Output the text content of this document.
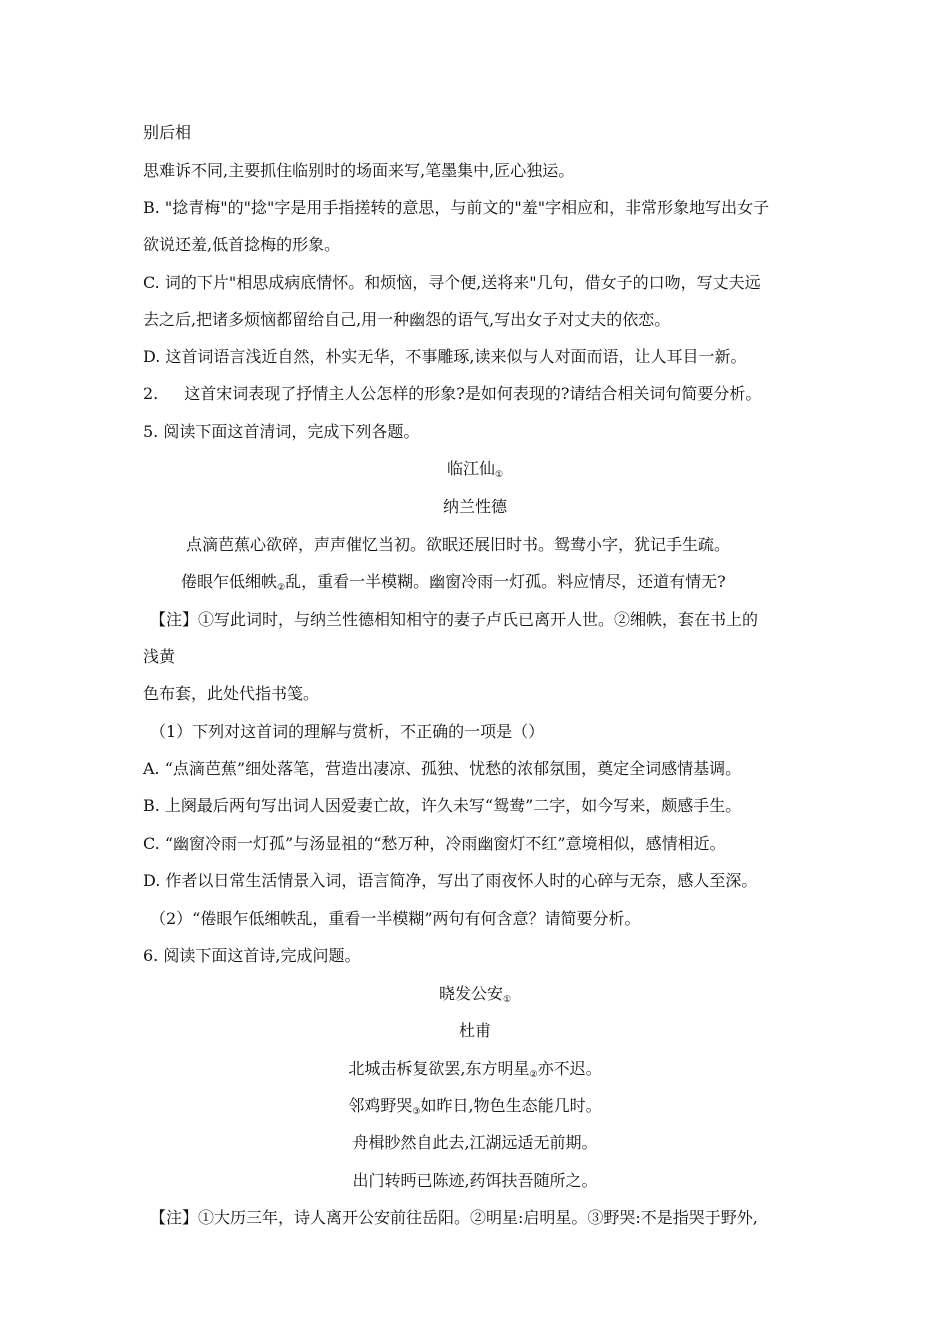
别后相
思难诉不同,主要抓住临别时的场面来写,笔墨集中,匠心独运。
B. "捻青梅"的"捻"字是用手指搓转的意思，与前文的"羞"字相应和，非常形象地写出女子
欲说还羞,低首捻梅的形象。
C. 词的下片"相思成病底情怀。和烦恼，寻个便,送将来"几句，借女子的口吻，写丈夫远
去之后,把诸多烦恼都留给自己,用一种幽怨的语气,写出女子对丈夫的依恋。
D. 这首词语言浅近自然，朴实无华，不事雕琢,读来似与人对面而语，让人耳目一新。
2. 这首宋词表现了抒情主人公怎样的形象?是如何表现的?请结合相关词句简要分析。
5. 阅读下面这首清词，完成下列各题。
临江仙①
纳兰性德
点滴芭蕉心欲碎，声声催忆当初。欲眠还展旧时书。鸳鸯小字，犹记手生疏。
倦眼乍低缃帙②乱，重看一半模糊。幽窗冷雨一灯孤。料应情尽，还道有情无?
【注】①写此词时，与纳兰性德相知相守的妻子卢氏已离开人世。②缃帙，套在书上的
浅黄
色布套，此处代指书笺。
（1）下列对这首词的理解与赏析，不正确的一项是（）
A. “点滴芭蕉”细处落笔，营造出凄凉、孤独、忧愁的浓郁氛围，奠定全词感情基调。
B. 上阕最后两句写出词人因爱妻亡故，许久未写“鸳鸯”二字，如今写来，颇感手生。
C. “幽窗冷雨一灯孤”与汤显祖的“愁万种，冷雨幽窗灯不红”意境相似，感情相近。
D. 作者以日常生活情景入词，语言简净，写出了雨夜怀人时的心碎与无奈，感人至深。
（2）“倦眼乍低缃帙乱，重看一半模糊”两句有何含意？请简要分析。
6. 阅读下面这首诗,完成问题。
晓发公安①
杜甫
北城击柝复欲罢,东方明星②亦不迟。
邻鸡野哭③如昨日,物色生态能几时。
舟楫眇然自此去,江湖远适无前期。
出门转眄已陈迹,药饵扶吾随所之。
【注】①大历三年，诗人离开公安前往岳阳。②明星:启明星。③野哭:不是指哭于野外,
